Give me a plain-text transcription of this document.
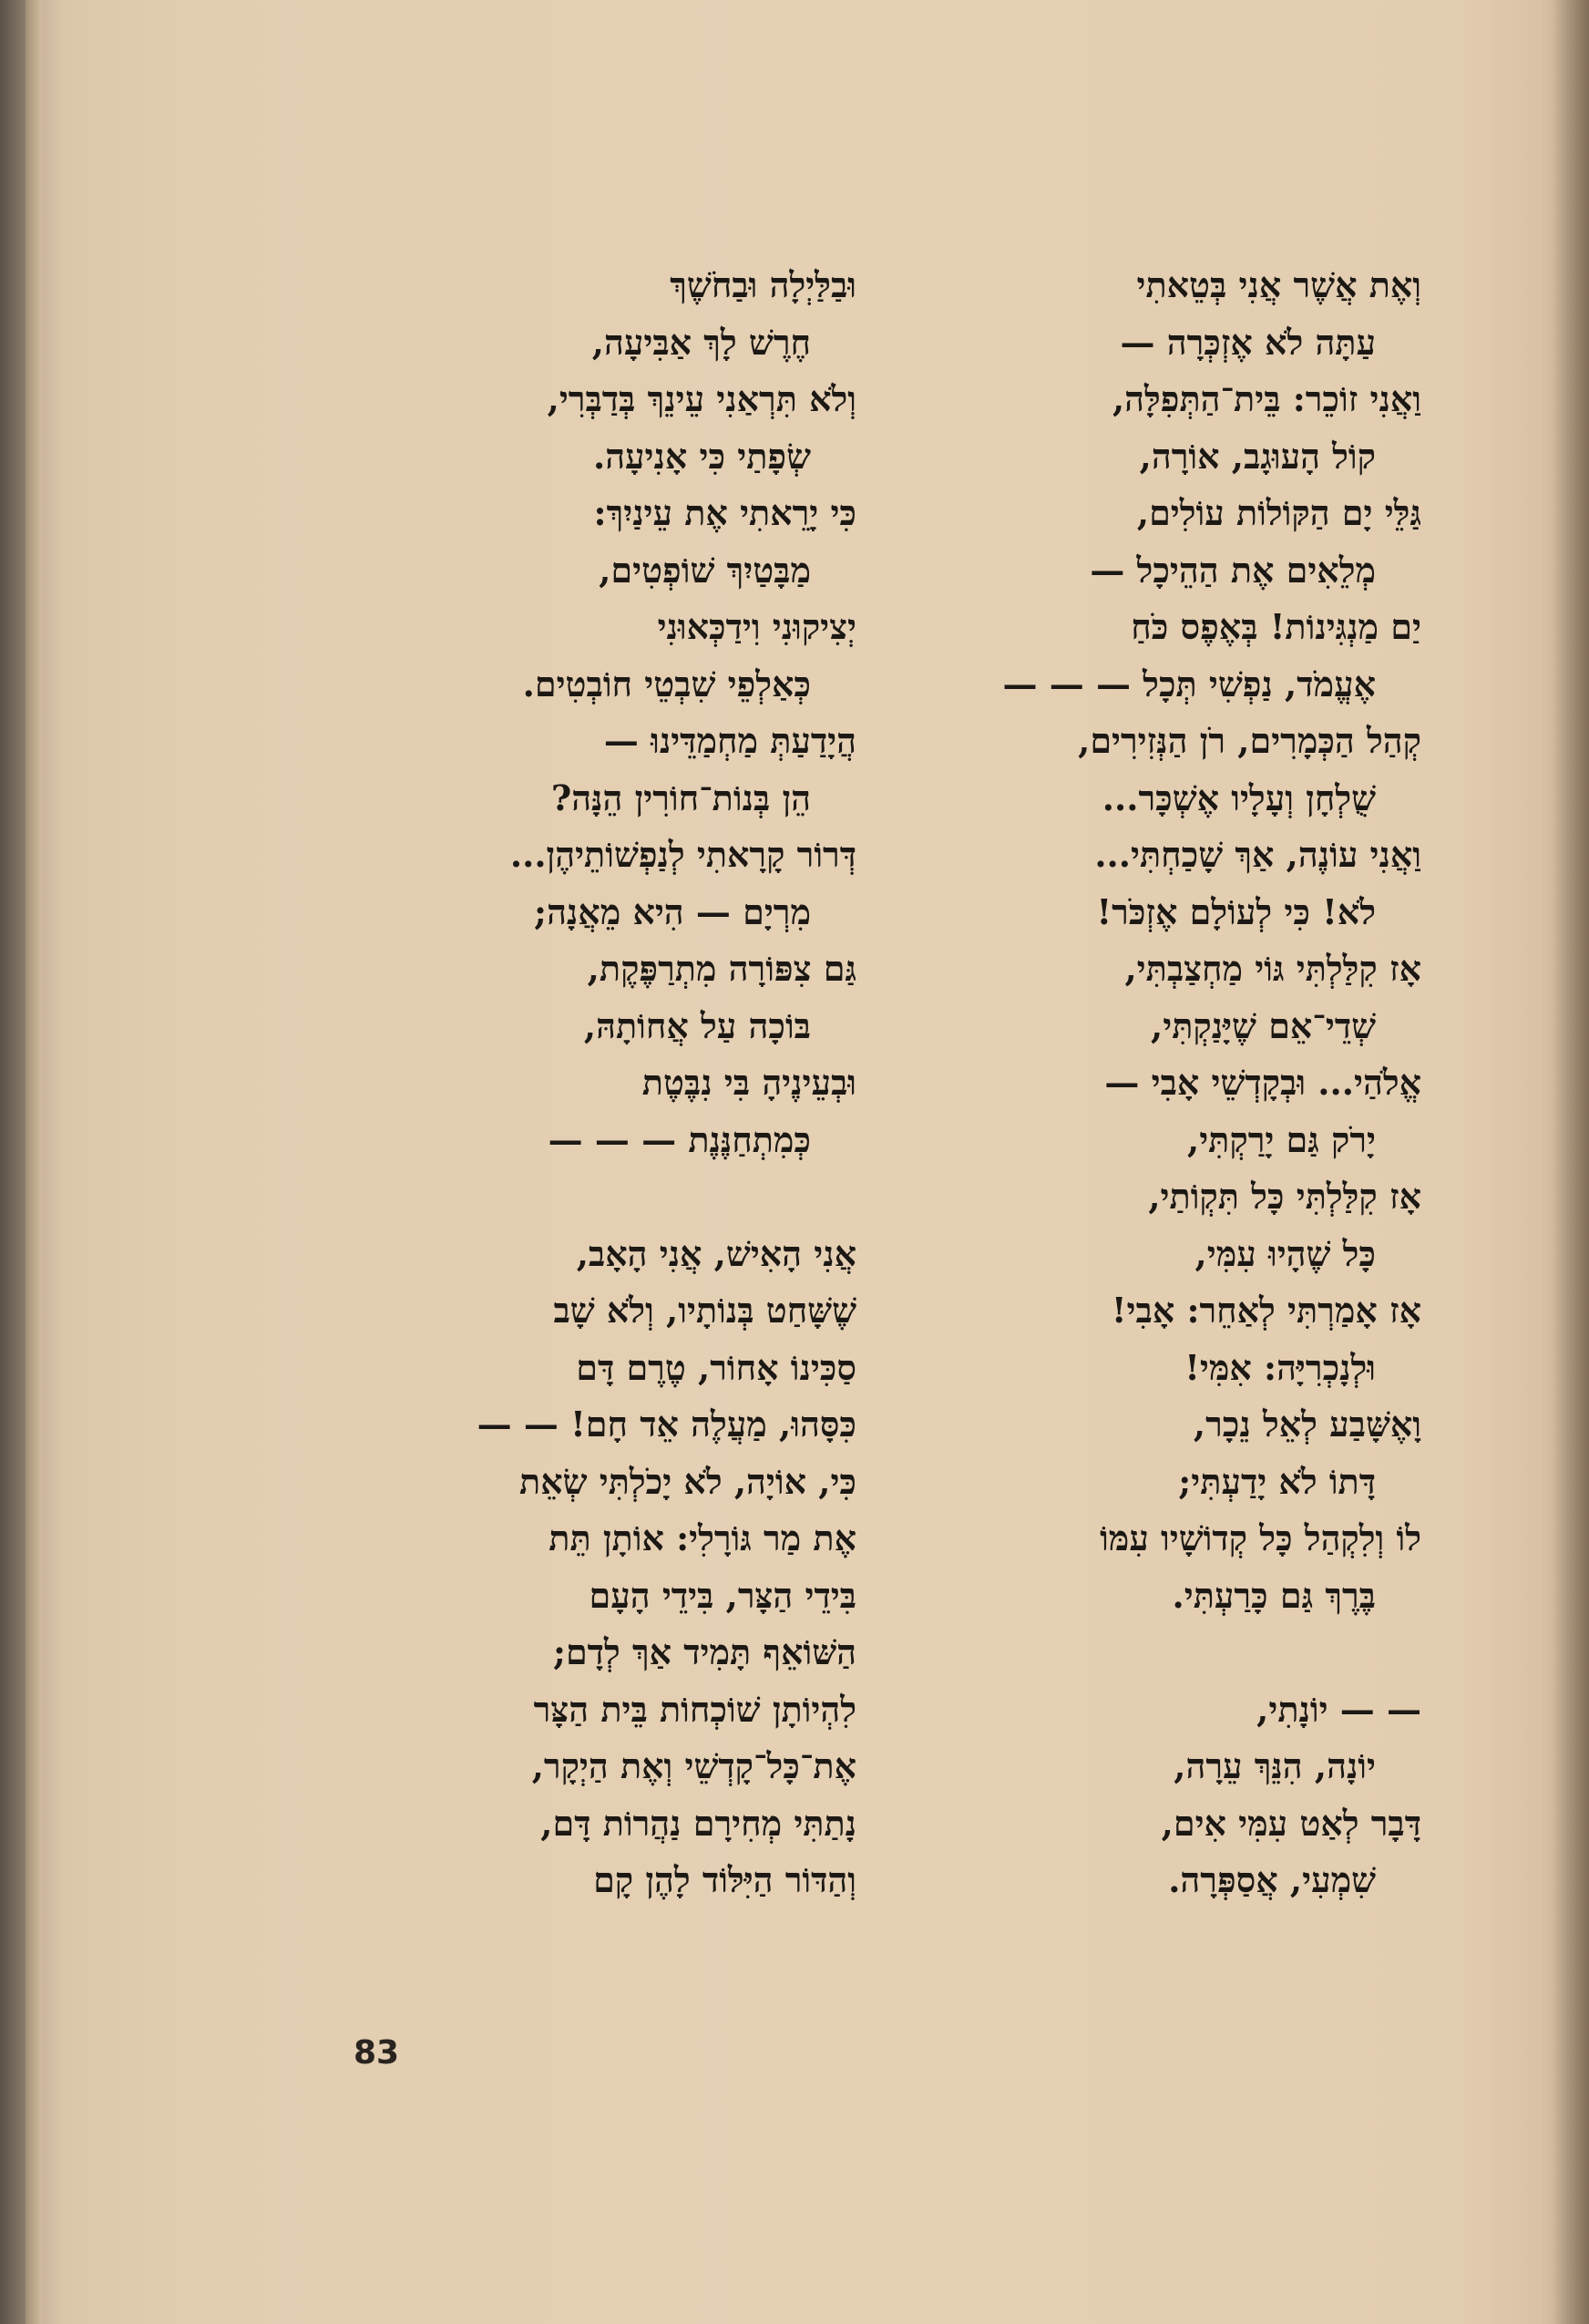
וְאֶת אֲשֶׁר אֲנִי בְּטֵאתִי
עַתָּה לֹא אֶזְכְּרָה —
וַאֲנִי זוֹכֵר: בֵּית־הַתְּפִלָּה,
קוֹל הָעוּגָב, אוֹרָה,
גַּלֵּי יָם הַקּוֹלוֹת עוֹלִים,
מְלֵאִים אֶת הַהֵיכָל —
יַם מַנְגִּינוֹת! בְּאֶפֶס כֹּחַ
אֶעֱמֹד, נַפְשִׁי תְּכָל — — —
קְהַל הַכְּמָרִים, רֹן הַנְּזִירִים,
שֻׁלְחָן וְעָלָיו אֶשְׁכָּר...
וַאֲנִי עוֹנֶה, אַךְ שָׁכַחְתִּי...
לֹא! כִּי לְעוֹלָם אֶזְכֹּר!
אָז קִלַּלְתִּי גּוֹי מַחְצַבְתִּי,
שְׁדֵי־אֵם שֶׁיָּנַקְתִּי,
אֱלֹהַי... וּבְקָדְשֵׁי אָבִי —
יָרֹק גַּם יָרַקְתִּי,
אָז קִלַּלְתִּי כָּל תִּקְוֹתַי,
כָּל שֶׁהָיוּ עִמִּי,
אָז אָמַרְתִּי לְאַחֵר: אָבִי!
וּלְנָכְרִיָּה: אִמִּי!
וָאֶשָּׁבַע לְאֵל נֵכָר,
דָּתוֹ לֹא יָדַעְתִּי;
לוֹ וְלִקְהַל כָּל קְדוֹשָׁיו עִמּוֹ
בֶּרֶךְ גַּם כָּרַעְתִּי.
— — יוֹנָתִי,
יוֹנָה, הִנֵּךְ עֵרָה,
דָּבָר לְאַט עִמִּי אִים,
שִׁמְעִי, אֲסַפְּרָה.
וּבַלַּיְלָה וּבַחֹשֶׁךְ
חֶרֶשׁ לָךְ אַבִּיעָה,
וְלֹא תִּרְאַנִי עֵינֵךְ בְּדַבְּרִי,
שְׂפָתַי כִּי אָנִיעָה.
כִּי יָרֵאתִי אֶת עֵינַיִךְ:
מַבָּטַיִךְ שׁוֹפְטִים,
יְצִיקוּנִי וִידַכְּאוּנִי
כְּאַלְפֵי שִׁבְטֵי חוֹבְטִים.
הֲיָדַעַתְּ מַחְמַדֵּינוּ —
הֵן בְּנוֹת־חוֹרִין הֵנָּה?
דְּרוֹר קָרָאתִי לְנַפְשׁוֹתֵיהֶן...
מִרְיָם — הִיא מֵאֲנָה;
גַּם צִפּוֹרָה מִתְרַפֶּקֶת,
בּוֹכָה עַל אֲחוֹתָהּ,
וּבְעֵינֶיהָ בִּי נִבֶּטֶת
כְּמִתְחַנֶּנֶת — — —
אֲנִי הָאִישׁ, אֲנִי הָאָב,
שֶׁשָּׁחַט בְּנוֹתָיו, וְלֹא שָׁב
סַכִּינוֹ אָחוֹר, טֶרֶם דָּם
כִּסָּהוּ, מַעֲלֶה אֵד חָם! — —
כִּי, אוֹיָה, לֹא יָכֹלְתִּי שְׂאֵת
אֶת מַר גּוֹרָלִי: אוֹתָן תֵּת
בִּידֵי הַצָּר, בִּידֵי הָעָם
הַשּׁוֹאֵף תָּמִיד אַךְ לְדָם;
לִהְיוֹתָן שׁוֹכְחוֹת בֵּית הַצָּר
אֶת־כָּל־קָדְשֵׁי וְאֶת הַיְקָר,
נָתַתִּי מְחִירָם נַהֲרוֹת דָּם,
וְהַדּוֹר הַיִּלּוֹד לָהֶן קָם
83
